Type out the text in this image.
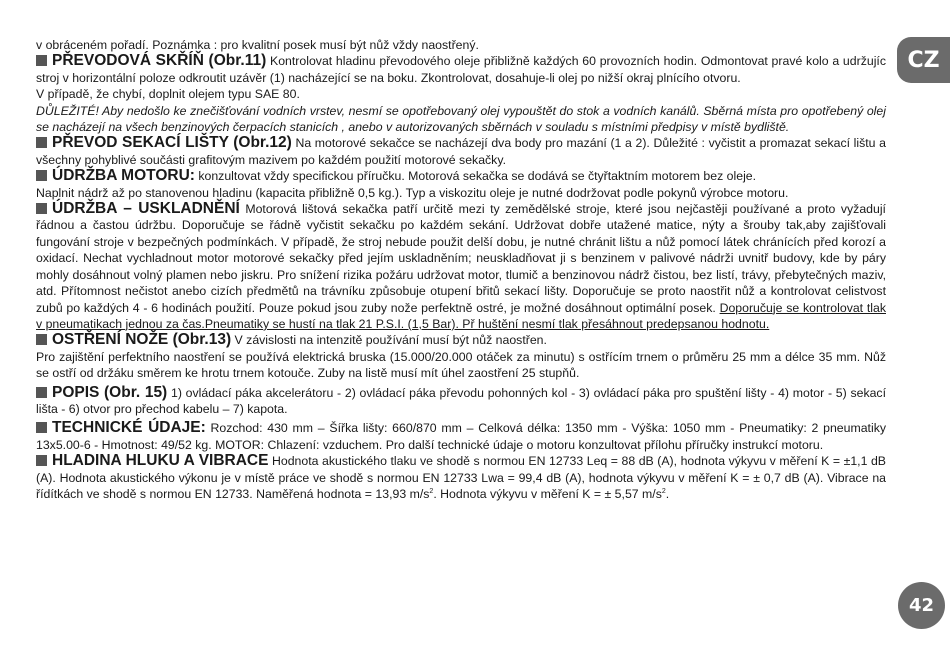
CZ

v obráceném pořadí. Poznámka : pro kvalitní posek musí být nůž vždy naostřený.

PŘEVODOVÁ SKŘÍŇ (Obr.11) Kontrolovat hladinu převodového oleje přibližně každých 60 provozních hodin. Odmontovat pravé kolo a udržujíc stroj v horizontální poloze odkroutit uzávěr (1) nacházející se na boku. Zkontrolovat, dosahuje-li olej po nižší okraj plnícího otvoru.

V případě, že chybí, doplnit olejem typu SAE 80.

DŮLEŽITÉ! Aby nedošlo ke znečišťování vodních vrstev, nesmí se opotřebovaný olej vypouštět do stok a vodních kanálů. Sběrná místa pro opotřebený olej se nacházejí na všech benzinových čerpacích stanicích , anebo v autorizovaných sběrnách v souladu s místními předpisy v místě bydliště.

PŘEVOD SEKACÍ LIŠTY (Obr.12) Na motorové sekačce se nacházejí dva body pro mazání (1 a 2). Důležité : vyčistit a promazat sekací lištu a všechny pohyblivé součásti grafitovým mazivem po každém použití motorové sekačky.

ÚDRŽBA MOTORU: konzultovat vždy specifickou příručku. Motorová sekačka se dodává se čtyřtaktním motorem bez oleje.

Naplnit nádrž až po stanovenou hladinu (kapacita přibližně 0,5 kg.). Typ a viskozitu oleje je nutné dodržovat podle pokynů výrobce motoru.

ÚDRŽBA – USKLADNĚNÍ Motorová lištová sekačka patří určitě mezi ty zemědělské stroje, které jsou nejčastěji používané a proto vyžadují řádnou a častou údržbu. Doporučuje se řádně vyčistit sekačku po každém sekání. Udržovat dobře utažené matice, nýty a šrouby tak,aby zajišťovali fungování stroje v bezpečných podmínkách. V případě, že stroj nebude použit delší dobu, je nutné chránit lištu a nůž pomocí látek chránících před korozí a oxidací. Nechat vychladnout motor motorové sekačky před jejím uskladněním; neuskladňovat ji s benzinem v palivové nádrži uvnitř budovy, kde by páry mohly dosáhnout volný plamen nebo jiskru. Pro snížení rizika požáru udržovat motor, tlumič a benzinovou nádrž čistou, bez listí, trávy, přebytečných maziv, atd. Přítomnost nečistot anebo cizích předmětů na trávníku způsobuje otupení břitů sekací lišty. Doporučuje se proto naostřit nůž a kontrolovat celistvost zubů po každých 4 - 6 hodinách použití. Pouze pokud jsou zuby nože perfektně ostré, je možné dosáhnout optimální posek. Doporučuje se kontrolovat tlak v pneumatikach jednou za čas.Pneumatiky se hustí na tlak 21 P.S.I. (1,5 Bar). Př huštění nesmí tlak přesáhnout predepsanou hodnotu.

OSTŘENÍ NOŽE (Obr.13) V závislosti na intenzitě používání musí být nůž naostřen.

Pro zajištění perfektního naostření se používá elektrická bruska (15.000/20.000 otáček za minutu) s ostřícím trnem o průměru 25 mm a délce 35 mm. Nůž se ostří od držáku směrem ke hrotu trnem kotouče. Zuby na listě musí mít úhel zaostření 25 stupňů.

POPIS (Obr. 15) 1) ovládací páka akcelerátoru - 2) ovládací páka převodu pohonných kol - 3) ovládací páka pro spuštění lišty - 4) motor - 5) sekací lišta - 6) otvor pro přechod kabelu – 7) kapota.

TECHNICKÉ ÚDAJE: Rozchod: 430 mm – Šířka lišty: 660/870 mm – Celková délka: 1350 mm - Výška: 1050 mm - Pneumatiky: 2 pneumatiky 13x5.00-6 - Hmotnost: 49/52 kg. MOTOR: Chlazení: vzduchem. Pro další technické údaje o motoru konzultovat přílohu příručky instrukcí motoru.

HLADINA HLUKU A VIBRACE Hodnota akustického tlaku ve shodě s normou EN 12733 Leq = 88 dB (A), hodnota výkyvu v měření K = ±1,1 dB (A). Hodnota akustického výkonu je v místě práce ve shodě s normou EN 12733 Lwa = 99,4 dB (A), hodnota výkyvu v měření K = ± 0,7 dB (A). Vibrace na řídítkách ve shodě s normou EN 12733. Naměřená hodnota = 13,93 $m/s^2$. Hodnota výkyvu v měření K = ± 5,57 $m/s^2$.

42
